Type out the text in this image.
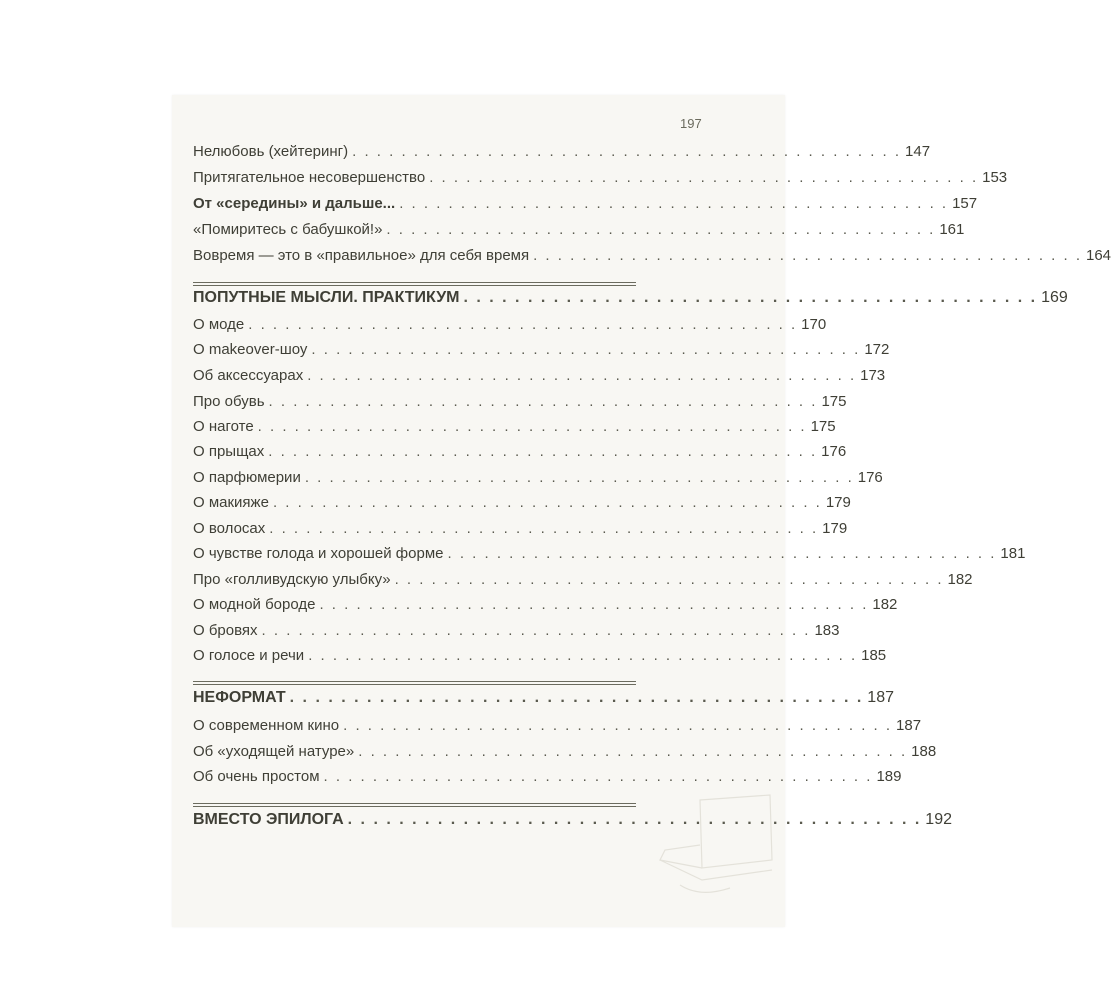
197
Нелюбовь (хейтеринг) . . . . . . . . . . . . . . . . . . . . . . . . . . . . . . . . . . . . . . . . . . . . . 147
Притягательное несовершенство . . . . . . . . . . . . . . . . . . . . . . . . . . . . . . . . . . . . . . . . . . . . . 153
От «середины» и дальше... . . . . . . . . . . . . . . . . . . . . . . . . . . . . . . . . . . . . . . . . . . . . . 157
«Помиритесь с бабушкой!» . . . . . . . . . . . . . . . . . . . . . . . . . . . . . . . . . . . . . . . . . . . . . 161
Вовремя — это в «правильное» для себя время . . . . . . . . . . . . . . . . . . . . . . . . . . . . . . . . . . . . . . . . . . . . . 164
ПОПУТНЫЕ МЫСЛИ. ПРАКТИКУМ . . . . . . . . . . . . . . . . . . . . . . . . . . . . . . . . . . . . . . . . . . . . . 169
О моде . . . . . . . . . . . . . . . . . . . . . . . . . . . . . . . . . . . . . . . . . . . . . 170
О makeover-шоу . . . . . . . . . . . . . . . . . . . . . . . . . . . . . . . . . . . . . . . . . . . . . 172
Об аксессуарах . . . . . . . . . . . . . . . . . . . . . . . . . . . . . . . . . . . . . . . . . . . . . 173
Про обувь . . . . . . . . . . . . . . . . . . . . . . . . . . . . . . . . . . . . . . . . . . . . . 175
О наготе . . . . . . . . . . . . . . . . . . . . . . . . . . . . . . . . . . . . . . . . . . . . . 175
О прыщах . . . . . . . . . . . . . . . . . . . . . . . . . . . . . . . . . . . . . . . . . . . . . 176
О парфюмерии . . . . . . . . . . . . . . . . . . . . . . . . . . . . . . . . . . . . . . . . . . . . . 176
О макияже . . . . . . . . . . . . . . . . . . . . . . . . . . . . . . . . . . . . . . . . . . . . . 179
О волосах . . . . . . . . . . . . . . . . . . . . . . . . . . . . . . . . . . . . . . . . . . . . . 179
О чувстве голода и хорошей форме . . . . . . . . . . . . . . . . . . . . . . . . . . . . . . . . . . . . . . . . . . . . . 181
Про «голливудскую улыбку» . . . . . . . . . . . . . . . . . . . . . . . . . . . . . . . . . . . . . . . . . . . . . 182
О модной бороде . . . . . . . . . . . . . . . . . . . . . . . . . . . . . . . . . . . . . . . . . . . . . 182
О бровях . . . . . . . . . . . . . . . . . . . . . . . . . . . . . . . . . . . . . . . . . . . . . 183
О голосе и речи . . . . . . . . . . . . . . . . . . . . . . . . . . . . . . . . . . . . . . . . . . . . . 185
НЕФОРМАТ . . . . . . . . . . . . . . . . . . . . . . . . . . . . . . . . . . . . . . . . . . . . . 187
О современном кино . . . . . . . . . . . . . . . . . . . . . . . . . . . . . . . . . . . . . . . . . . . . . 187
Об «уходящей натуре» . . . . . . . . . . . . . . . . . . . . . . . . . . . . . . . . . . . . . . . . . . . . . 188
Об очень простом . . . . . . . . . . . . . . . . . . . . . . . . . . . . . . . . . . . . . . . . . . . . . 189
ВМЕСТО ЭПИЛОГА . . . . . . . . . . . . . . . . . . . . . . . . . . . . . . . . . . . . . . . . . . . . . 192
